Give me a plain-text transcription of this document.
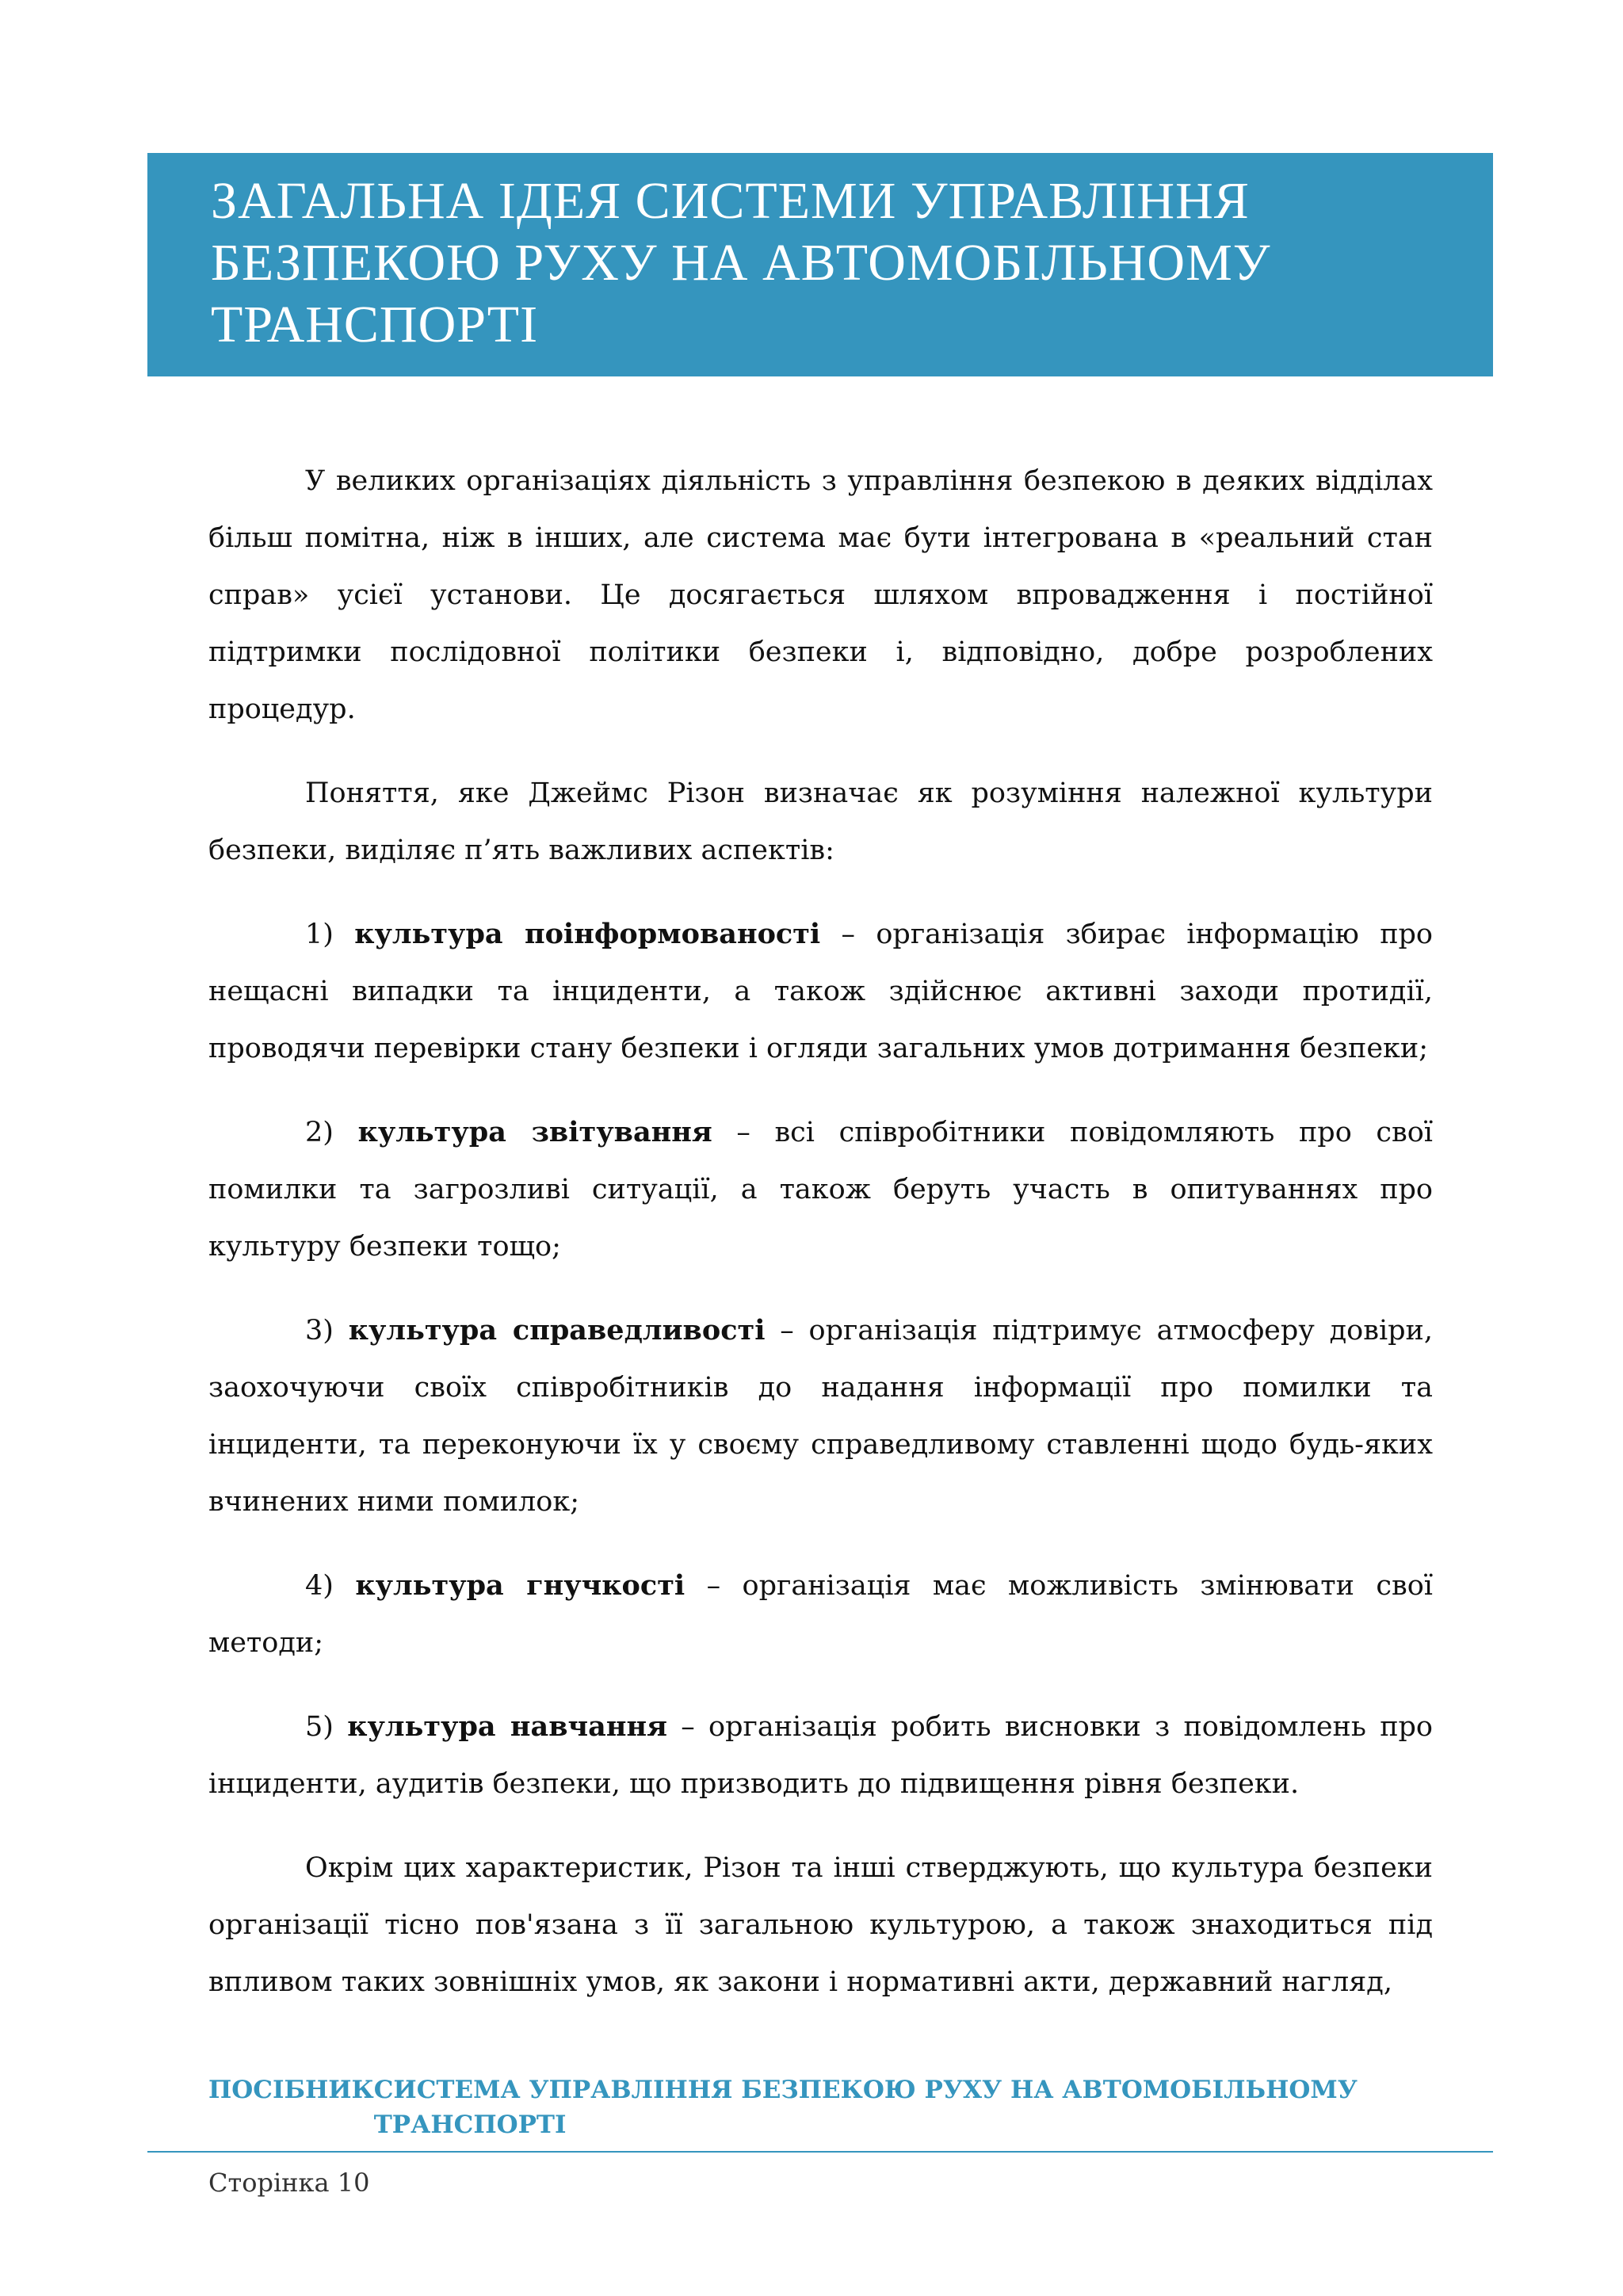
ЗАГАЛЬНА ІДЕЯ СИСТЕМИ УПРАВЛІННЯ
БЕЗПЕКОЮ РУХУ НА АВТОМОБІЛЬНОМУ
ТРАНСПОРТІ

У великих організаціях діяльність з управління безпекою в деяких відділах більш помітна, ніж в інших, але система має бути інтегрована в «реальний стан справ» усієї установи. Це досягається шляхом впровадження і постійної підтримки послідовної політики безпеки і, відповідно, добре розроблених процедур.

Поняття, яке Джеймс Різон визначає як розуміння належної культури безпеки, виділяє п’ять важливих аспектів:

1) культура поінформованості – організація збирає інформацію про нещасні випадки та інциденти, а також здійснює активні заходи протидії, проводячи перевірки стану безпеки і огляди загальних умов дотримання безпеки;

2) культура звітування – всі співробітники повідомляють про свої помилки та загрозливі ситуації, а також беруть участь в опитуваннях про культуру безпеки тощо;

3) культура справедливості – організація підтримує атмосферу довіри, заохочуючи своїх співробітників до надання інформації про помилки та інциденти, та переконуючи їх у своєму справедливому ставленні щодо будь-яких вчинених ними помилок;

4) культура гнучкості – організація має можливість змінювати свої методи;

5) культура навчання – організація робить висновки з повідомлень про інциденти, аудитів безпеки, що призводить до підвищення рівня безпеки.

Окрім цих характеристик, Різон та інші стверджують, що культура безпеки організації тісно пов'язана з її загальною культурою, а також знаходиться під впливом таких зовнішніх умов, як закони і нормативні акти, державний нагляд,

ПОСІБНИК СИСТЕМА УПРАВЛІННЯ БЕЗПЕКОЮ РУХУ НА АВТОМОБІЛЬНОМУ ТРАНСПОРТІ
Сторінка 10
